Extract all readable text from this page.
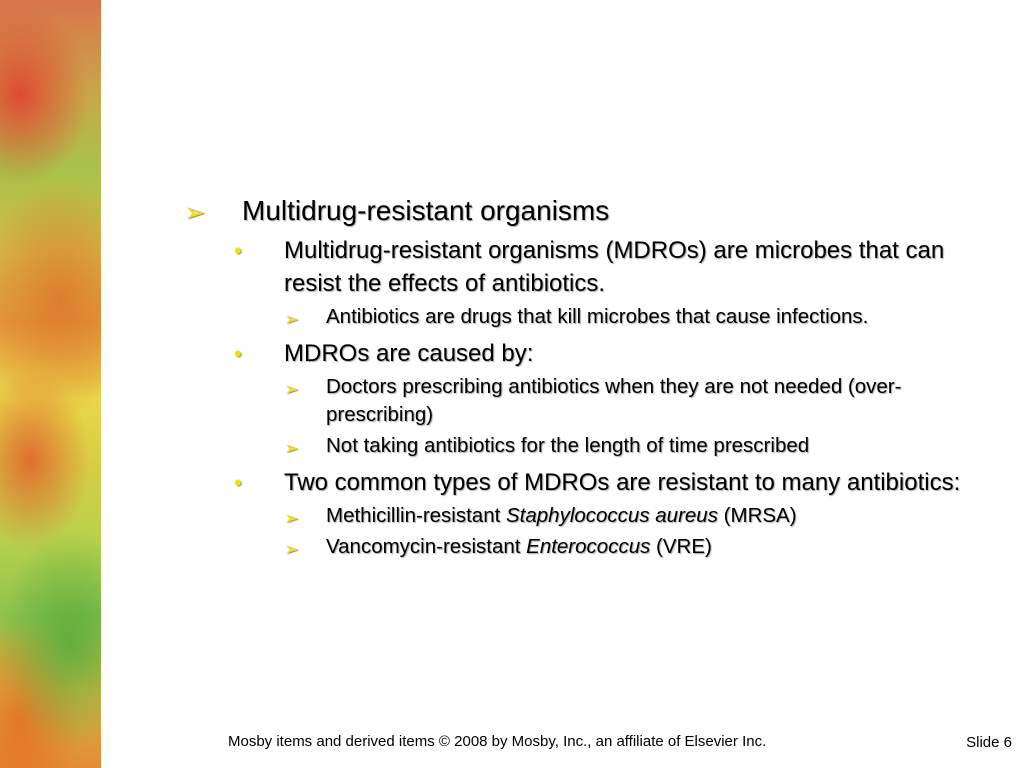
➢ Multidrug-resistant organisms
• Multidrug-resistant organisms (MDROs) are microbes that can resist the effects of antibiotics.
➢ Antibiotics are drugs that kill microbes that cause infections.
• MDROs are caused by:
➢ Doctors prescribing antibiotics when they are not needed (over-prescribing)
➢ Not taking antibiotics for the length of time prescribed
• Two common types of MDROs are resistant to many antibiotics:
➢ Methicillin-resistant Staphylococcus aureus (MRSA)
➢ Vancomycin-resistant Enterococcus (VRE)
Mosby items and derived items © 2008 by Mosby, Inc., an affiliate of Elsevier Inc.	Slide 6
